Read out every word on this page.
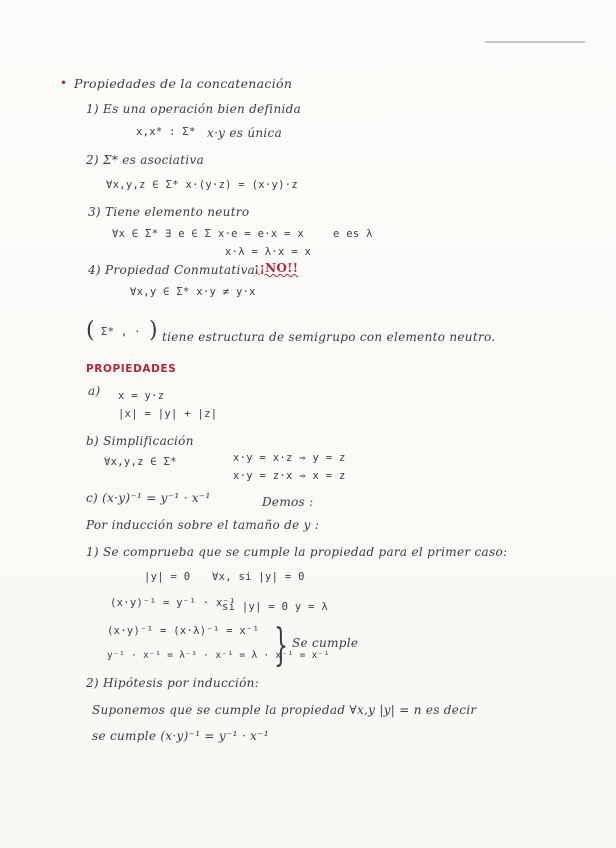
• Propiedades de la concatenación
1) Es una operación bien definida
x,x* : Σ* x·y es única
2) Σ* es asociativa
∀x,y,z ∈ Σ* x·(y·z) = (x·y)·z
3) Tiene elemento neutro
∀x ∈ Σ* ∃ e ∈ Σ x·e = e·x = x	e es λ
x·λ = λ·x = x
4) Propiedad Conmutativa
¡¡NO!!
∀x,y ∈ Σ* x·y ≠ y·x
( Σ* , · ) tiene estructura de semigrupo con elemento neutro.
PROPIEDADES
a) x = y·z
|x| = |y| + |z|
b) Simplificación
∀x,y,z ∈ Σ*	x·y = x·z ⇒ y = z
x·y = z·x ⇒ x = z
c) (x·y)⁻¹ = y⁻¹ · x⁻¹	Demos :
Por inducción sobre el tamaño de y :
1) Se comprueba que se cumple la propiedad para el primer caso:
|y| = 0 ∀x, si |y| = 0
(x·y)⁻¹ = y⁻¹ · x⁻¹
si |y| = 0 y = λ
(x·y)⁻¹ = (x·λ)⁻¹ = x⁻¹
y⁻¹ · x⁻¹ = λ⁻¹ · x⁻¹ = λ · x⁻¹ = x⁻¹
} Se cumple
2) Hipótesis por inducción:
Suponemos que se cumple la propiedad ∀x,y |y| = n es decir
se cumple (x·y)⁻¹ = y⁻¹ · x⁻¹
